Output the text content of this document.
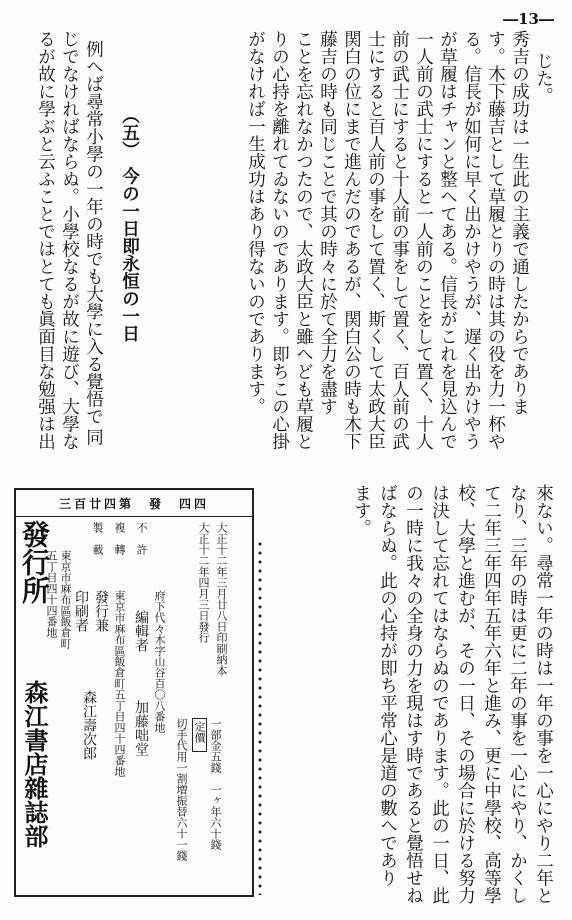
―13―
じた。
秀吉の成功は一生此の主義で通したからでありま
す。木下藤吉として草履とりの時は其の役を力一杯や
る。信長が如何に早く出かけやうが、遅く出かけやう
が草履はチャンと整へてある。信長がこれを見込んで
一人前の武士にすると一人前のことをして置く、十人
前の武士にすると十人前の事をして置く、百人前の武
士にすると百人前の事をして置く、斯くして太政大臣
関白の位にまで進んだのであるが、関白公の時も木下
藤吉の時も同じことで其の時々に於て全力を盡す
ことを忘れなかつたので、太政大臣と雖へども草履と
りの心持を離れてゐないのであります。即ちこの心掛
がなければ一生成功はあり得ないのであります。
（五）　今の一日即永恒の一日
例へば尋常小學の一年の時でも大學に入る覺悟で
同
じでなければならぬ。小學校なるが故に遊び、大學な
るが故に學ぶと云ふことではとても眞面目な勉强は出
來ない。尋常一年の時は一年の事を一心にやり二年と
なり、三年の時は更に二年の事を一心にやり、かくし
て二年三年四年五年六年と進み、更に中學校、高等學
校、大學と進むが、その一日、その場合に於ける努力
は決して忘れてはならぬのであります。此の一日、此
の一時に我々の全身の力を現はす時であると覺悟せね
ばならぬ。此の心持が即ち平常心是道の數へであり
ます。
三百廿四第　發　四四
大正十二年三月廿八日印刷納本
大正十二年四月三日發行
不　許
複　轉
製　載
定價 一部金五錢　一ヶ年六十錢
切手代用一割増振替六十一錢
府下代々木字山谷百〇八番地
編輯者
加藤咄堂
東京市麻布區飯倉町五丁目四十四番地
發行兼
印刷者
森江壽次郎
東京市麻布區飯倉町
五丁目四十四番地
發行所
森江書店雜誌部
